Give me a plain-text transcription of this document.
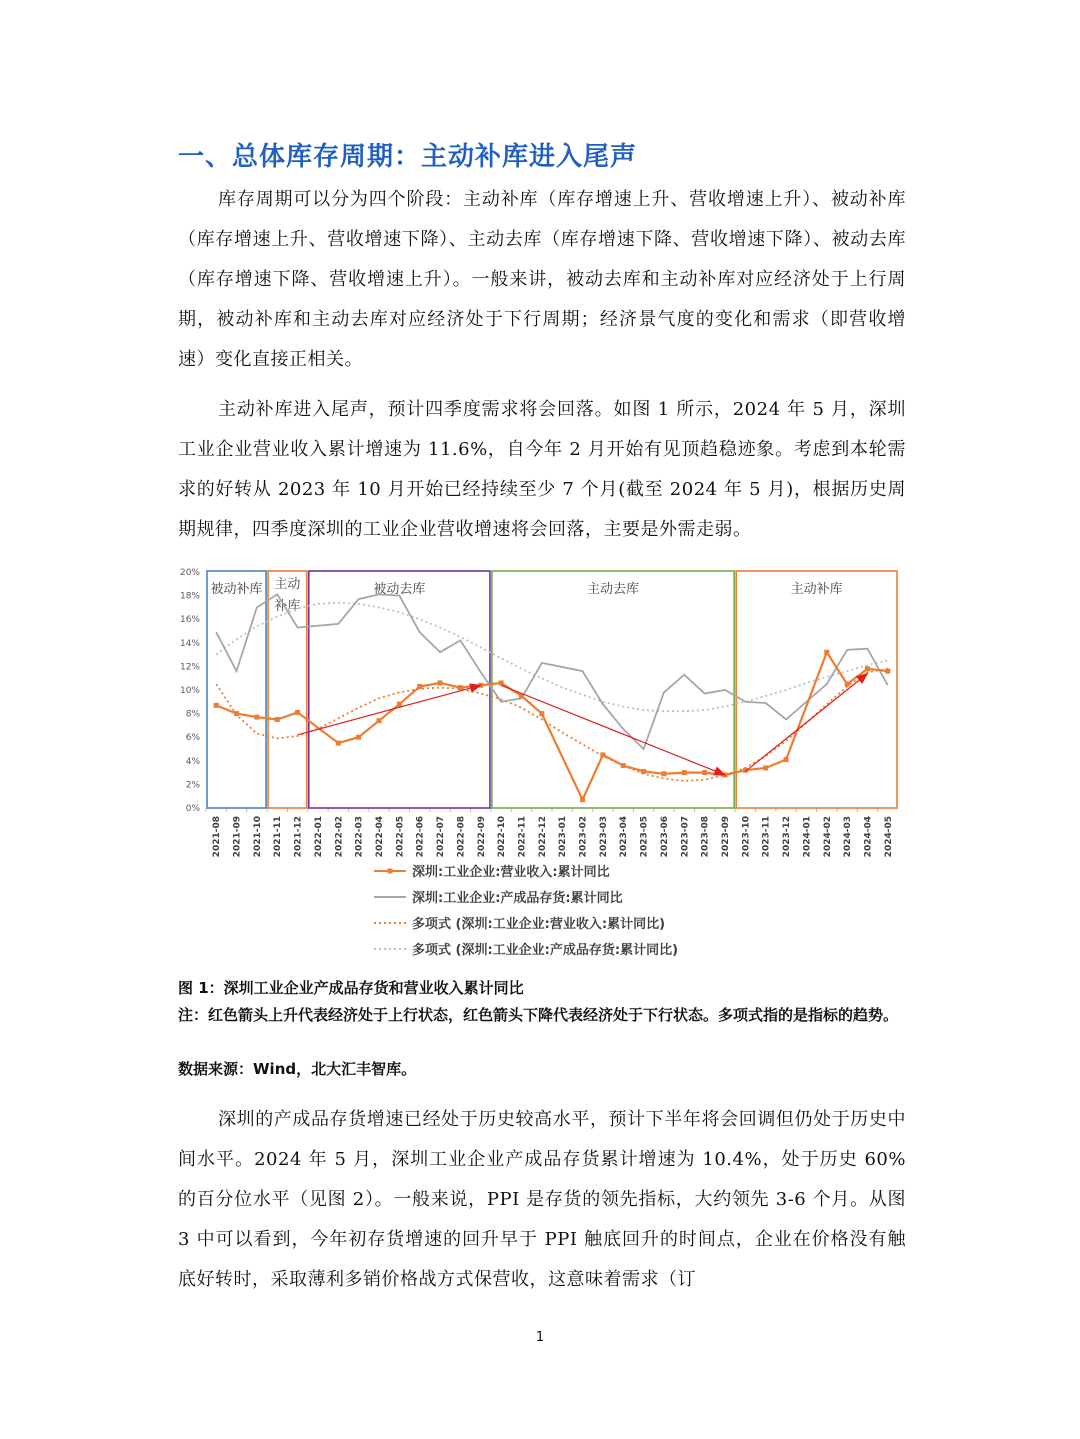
一、总体库存周期：主动补库进入尾声
库存周期可以分为四个阶段：主动补库（库存增速上升、营收增速上升）、被动补库（库存增速上升、营收增速下降）、主动去库（库存增速下降、营收增速下降）、被动去库（库存增速下降、营收增速上升）。一般来讲，被动去库和主动补库对应经济处于上行周期，被动补库和主动去库对应经济处于下行周期；经济景气度的变化和需求（即营收增速）变化直接正相关。
主动补库进入尾声，预计四季度需求将会回落。如图 1 所示，2024 年 5 月，深圳工业企业营业收入累计增速为 11.6%，自今年 2 月开始有见顶趋稳迹象。考虑到本轮需求的好转从 2023 年 10 月开始已经持续至少 7 个月(截至 2024 年 5 月)，根据历史周期规律，四季度深圳的工业企业营收增速将会回落，主要是外需走弱。
0%
2%
4%
6%
8%
10%
12%
14%
16%
18%
20%
2021-08 2021-09 2021-10 2021-11 2021-12 2022-01 2022-02 2022-03 2022-04 2022-05 2022-06 2022-07 2022-08 2022-09 2022-10 2022-11 2022-12 2023-01 2023-02 2023-03 2023-04 2023-05 2023-06 2023-07 2023-08 2023-09 2023-10 2023-11 2023-12 2024-01 2024-02 2024-03 2024-04 2024-05
被动补库 主动
补库
被动去库	主动去库	主动补库
深圳:工业企业:营业收入:累计同比
深圳:工业企业:产成品存货:累计同比
多项式 (深圳:工业企业:营业收入:累计同比)
多项式 (深圳:工业企业:产成品存货:累计同比)
图 1：深圳工业企业产成品存货和营业收入累计同比
注：红色箭头上升代表经济处于上行状态，红色箭头下降代表经济处于下行状态。多项式指的是指标的趋势。
数据来源：Wind，北大汇丰智库。
深圳的产成品存货增速已经处于历史较高水平，预计下半年将会回调但仍处于历史中间水平。2024 年 5 月，深圳工业企业产成品存货累计增速为 10.4%，处于历史 60%的百分位水平（见图 2）。一般来说，PPI 是存货的领先指标，大约领先 3-6 个月。从图 3 中可以看到，今年初存货增速的回升早于 PPI 触底回升的时间点，企业在价格没有触底好转时，采取薄利多销价格战方式保营收，这意味着需求（订
1
